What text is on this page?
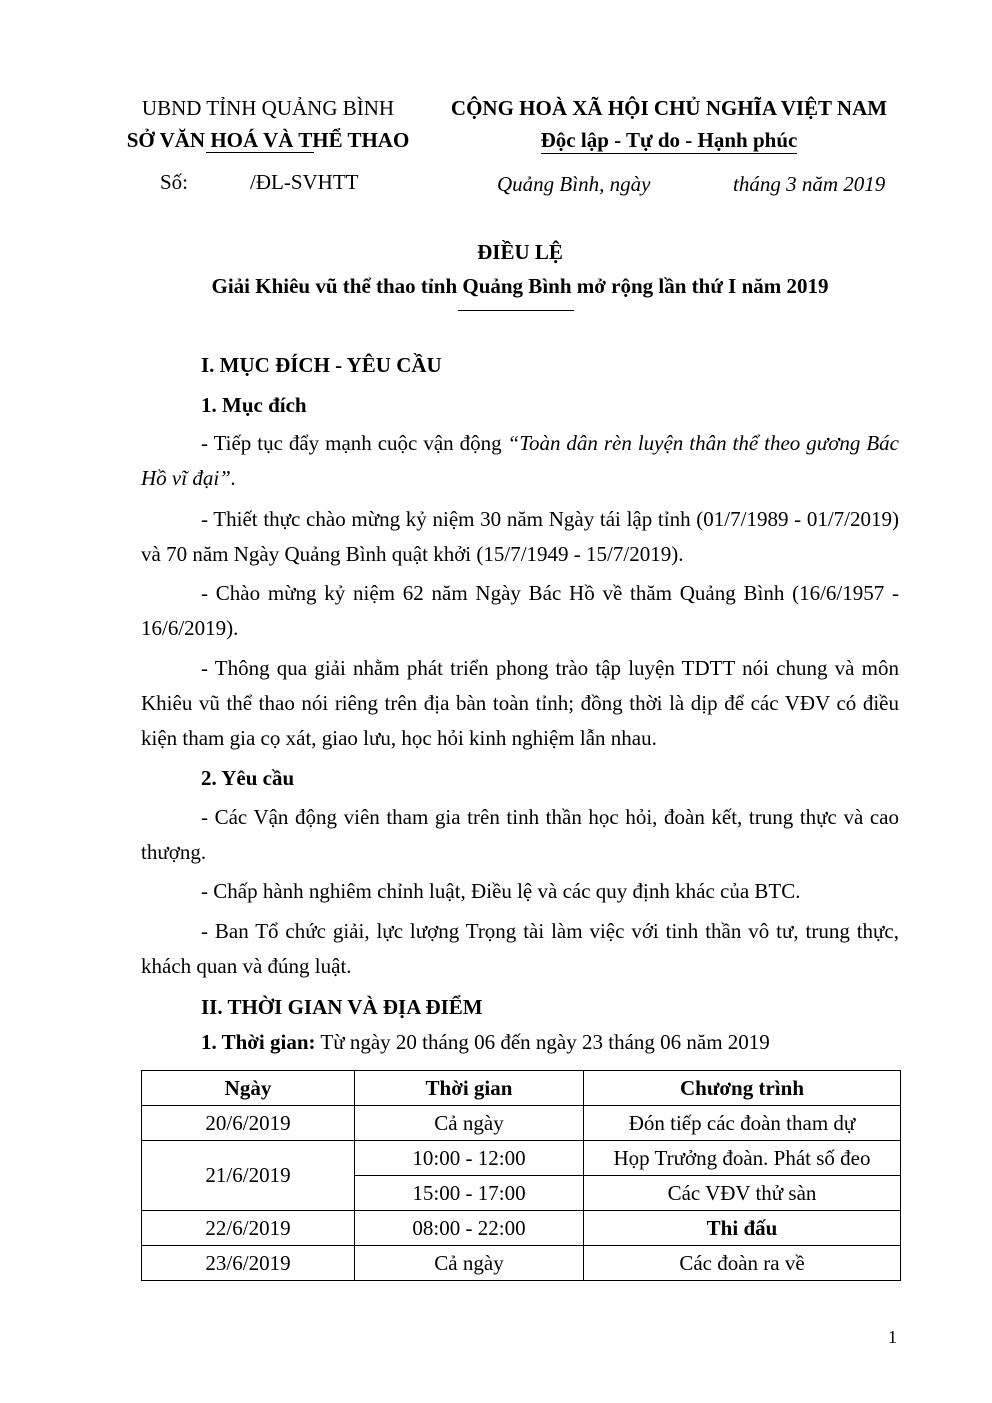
UBND TỈNH QUẢNG BÌNH
SỞ VĂN HOÁ VÀ THỂ THAO
Số:	/ĐL-SVHTT
CỘNG HOÀ XÃ HỘI CHỦ NGHĨA VIỆT NAM
Độc lập - Tự do - Hạnh phúc
Quảng Bình, ngày	tháng 3 năm 2019
ĐIỀU LỆ
Giải Khiêu vũ thể thao tỉnh Quảng Bình mở rộng lần thứ I năm 2019
I. MỤC ĐÍCH - YÊU CẦU
1. Mục đích
- Tiếp tục đẩy mạnh cuộc vận động “Toàn dân rèn luyện thân thể theo gương Bác Hồ vĩ đại”.
- Thiết thực chào mừng kỷ niệm 30 năm Ngày tái lập tỉnh (01/7/1989 - 01/7/2019) và 70 năm Ngày Quảng Bình quật khởi (15/7/1949 - 15/7/2019).
- Chào mừng kỷ niệm 62 năm Ngày Bác Hồ về thăm Quảng Bình (16/6/1957 - 16/6/2019).
- Thông qua giải nhằm phát triển phong trào tập luyện TDTT nói chung và môn Khiêu vũ thể thao nói riêng trên địa bàn toàn tỉnh; đồng thời là dịp để các VĐV có điều kiện tham gia cọ xát, giao lưu, học hỏi kinh nghiệm lẫn nhau.
2. Yêu cầu
- Các Vận động viên tham gia trên tinh thần học hỏi, đoàn kết, trung thực và cao thượng.
- Chấp hành nghiêm chỉnh luật, Điều lệ và các quy định khác của BTC.
- Ban Tổ chức giải, lực lượng Trọng tài làm việc với tinh thần vô tư, trung thực, khách quan và đúng luật.
II. THỜI GIAN VÀ ĐỊA ĐIỂM
1. Thời gian: Từ ngày 20 tháng 06 đến ngày 23 tháng 06 năm 2019
Ngày	Thời gian	Chương trình
20/6/2019	Cả ngày	Đón tiếp các đoàn tham dự
21/6/2019	10:00 - 12:00	Họp Trưởng đoàn. Phát số đeo
	15:00 - 17:00	Các VĐV thử sàn
22/6/2019	08:00 - 22:00	Thi đấu
23/6/2019	Cả ngày	Các đoàn ra về
1
